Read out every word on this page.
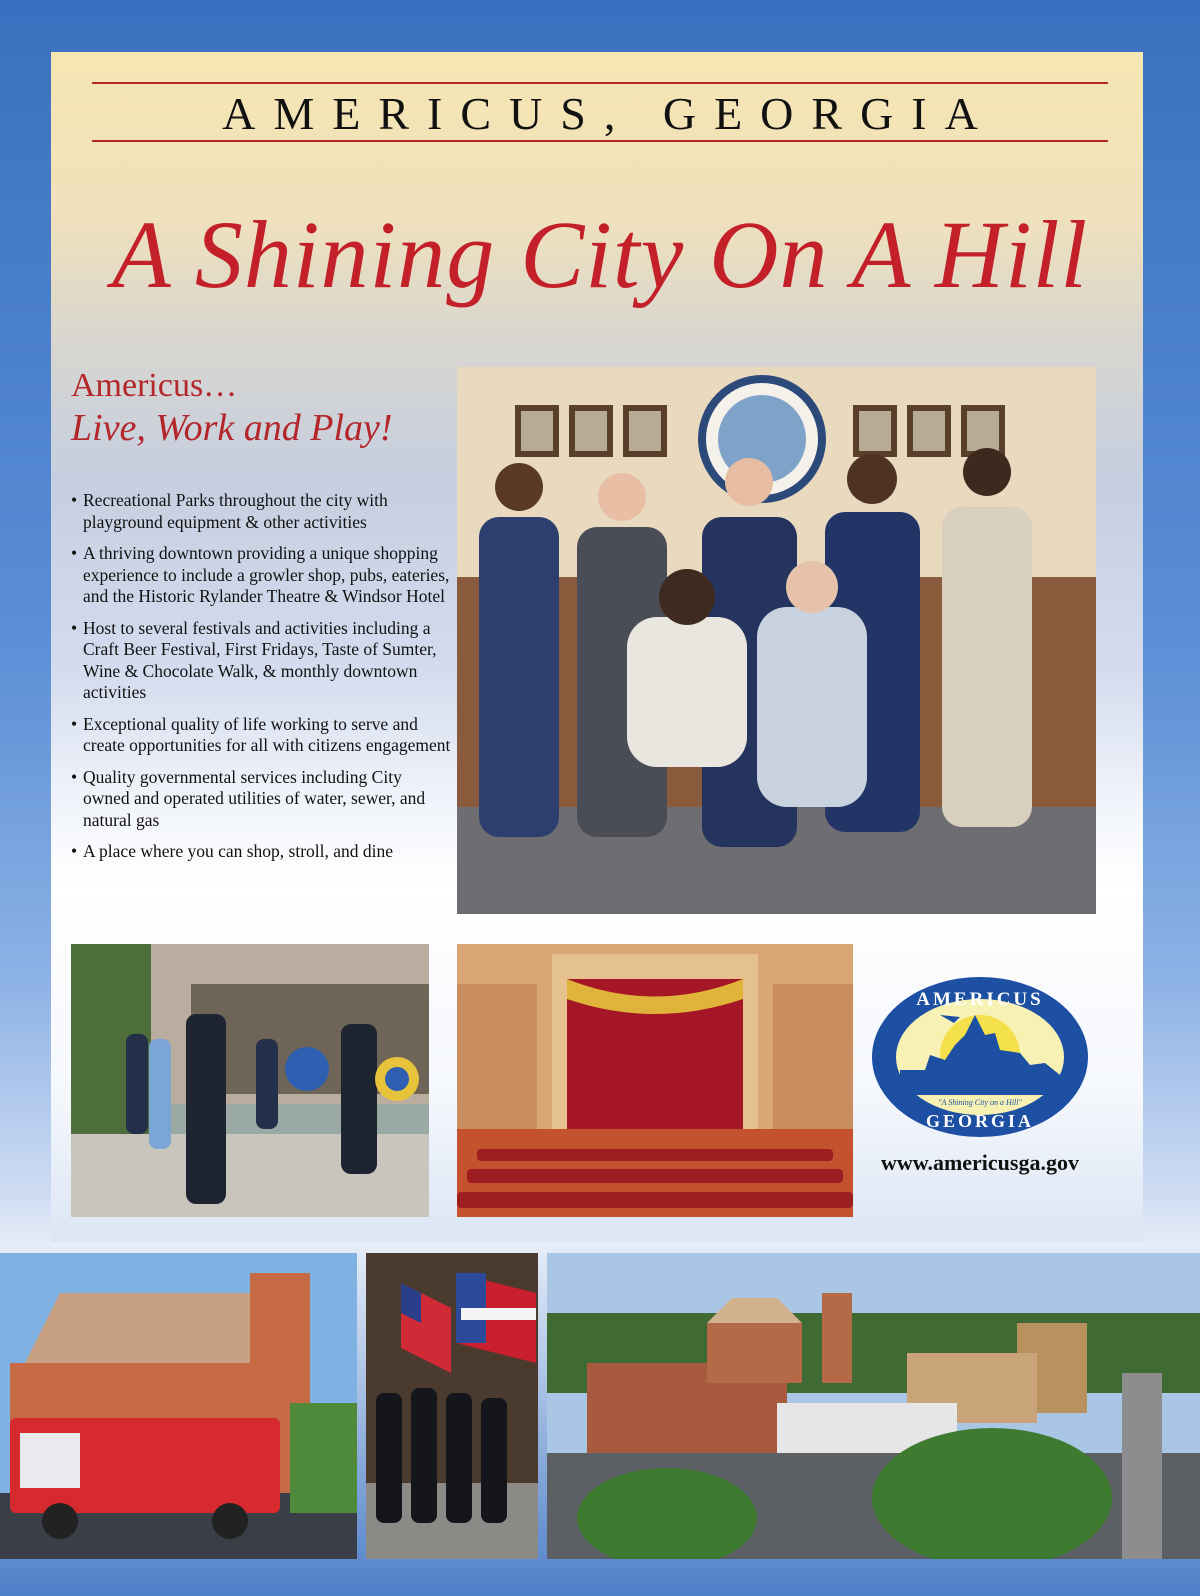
AMERICUS, GEORGIA
A Shining City On A Hill
Americus…
Live, Work and Play!
• Recreational Parks throughout the city with playground equipment & other activities
• A thriving downtown providing a unique shopping experience to include a growler shop, pubs, eateries, and the Historic Rylander Theatre & Windsor Hotel
• Host to several festivals and activities including a Craft Beer Festival, First Fridays, Taste of Sumter, Wine & Chocolate Walk, & monthly downtown activities
• Exceptional quality of life working to serve and create opportunities for all with citizens engagement
• Quality governmental services including City owned and operated utilities of water, sewer, and natural gas
• A place where you can shop, stroll, and dine
AMERICUS
"A Shining City on a Hill"
GEORGIA
www.americusga.gov
